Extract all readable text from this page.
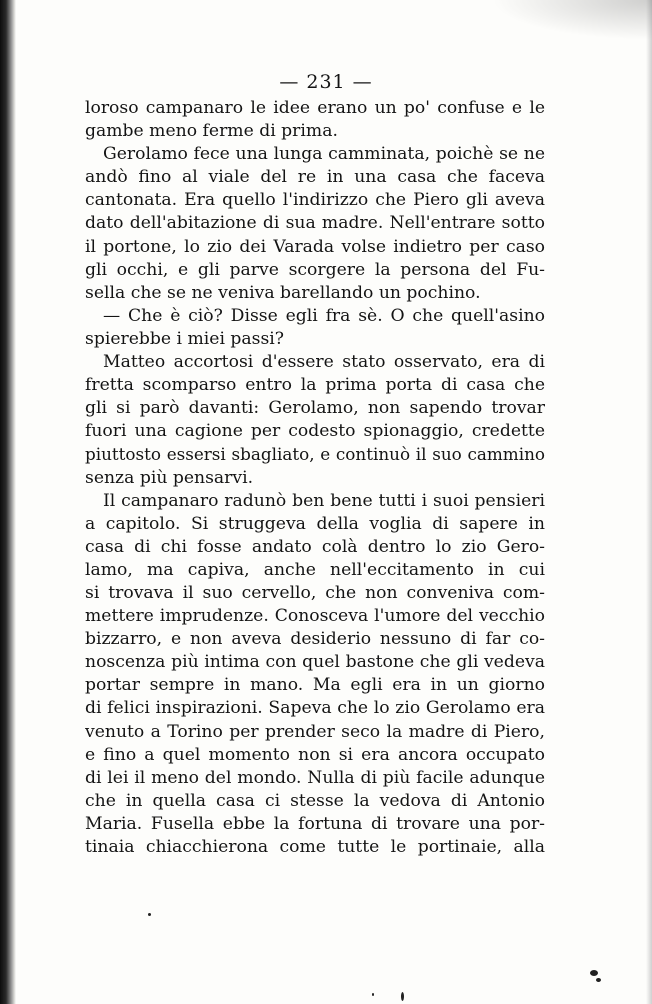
— 231 —
loroso campanaro le idee erano un po' confuse e le
gambe meno ferme di prima.
Gerolamo fece una lunga camminata, poichè se ne
andò fino al viale del re in una casa che faceva
cantonata. Era quello l'indirizzo che Piero gli aveva
dato dell'abitazione di sua madre. Nell'entrare sotto
il portone, lo zio dei Varada volse indietro per caso
gli occhi, e gli parve scorgere la persona del Fu-
sella che se ne veniva barellando un pochino.
— Che è ciò? Disse egli fra sè. O che quell'asino
spierebbe i miei passi?
Matteo accortosi d'essere stato osservato, era di
fretta scomparso entro la prima porta di casa che
gli si parò davanti: Gerolamo, non sapendo trovar
fuori una cagione per codesto spionaggio, credette
piuttosto essersi sbagliato, e continuò il suo cammino
senza più pensarvi.
Il campanaro radunò ben bene tutti i suoi pensieri
a capitolo. Si struggeva della voglia di sapere in
casa di chi fosse andato colà dentro lo zio Gero-
lamo, ma capiva, anche nell'eccitamento in cui
si trovava il suo cervello, che non conveniva com-
mettere imprudenze. Conosceva l'umore del vecchio
bizzarro, e non aveva desiderio nessuno di far co-
noscenza più intima con quel bastone che gli vedeva
portar sempre in mano. Ma egli era in un giorno
di felici inspirazioni. Sapeva che lo zio Gerolamo era
venuto a Torino per prender seco la madre di Piero,
e fino a quel momento non si era ancora occupato
di lei il meno del mondo. Nulla di più facile adunque
che in quella casa ci stesse la vedova di Antonio
Maria. Fusella ebbe la fortuna di trovare una por-
tinaia chiacchierona come tutte le portinaie, alla
